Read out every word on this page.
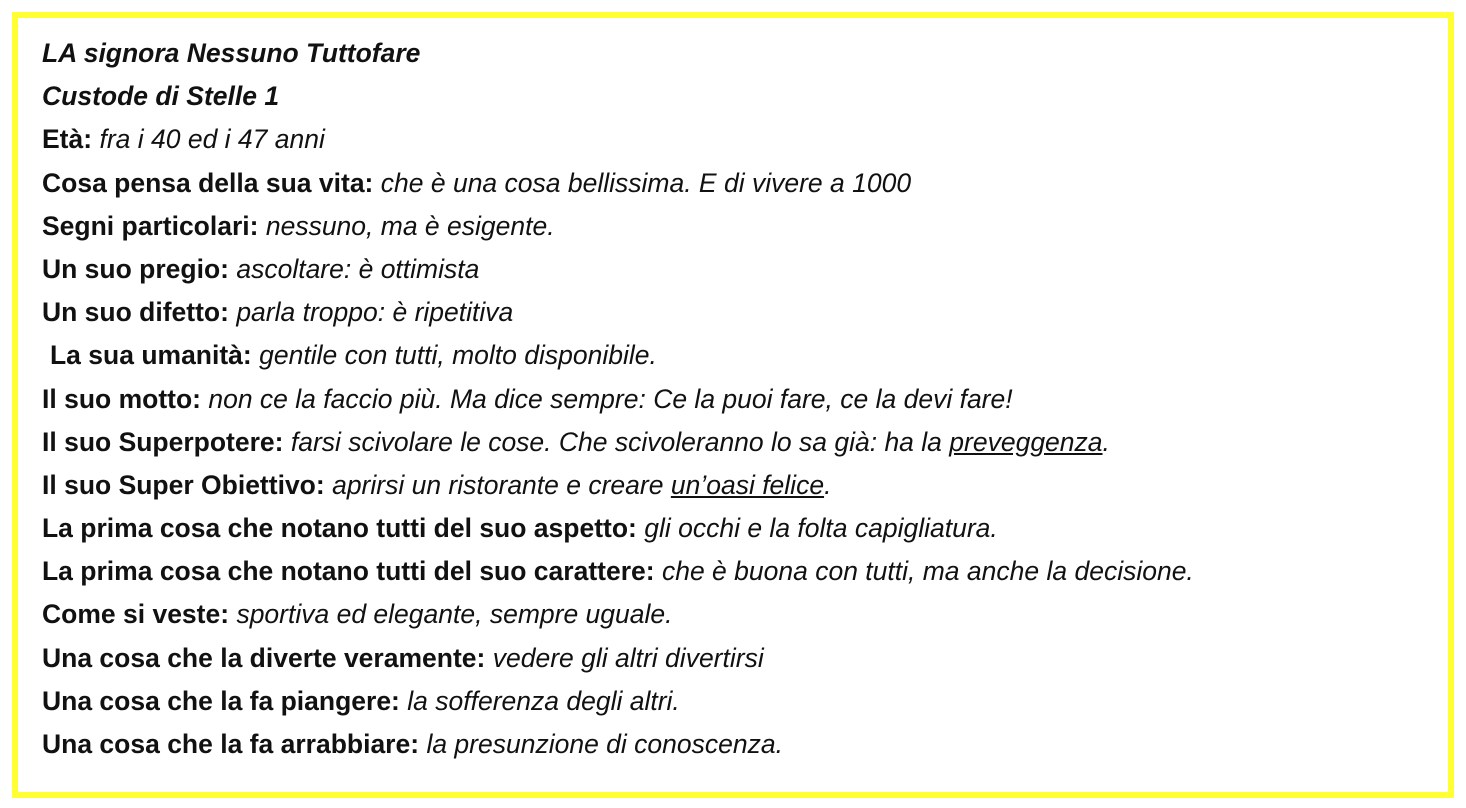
LA signora Nessuno Tuttofare
Custode di Stelle 1
Età: fra i 40 ed i 47 anni
Cosa pensa della sua vita: che è una cosa bellissima. E di vivere a 1000
Segni particolari: nessuno, ma è esigente.
Un suo pregio: ascoltare: è ottimista
Un suo difetto: parla troppo: è ripetitiva
La sua umanità: gentile con tutti, molto disponibile.
Il suo motto: non ce la faccio più. Ma dice sempre: Ce la puoi fare, ce la devi fare!
Il suo Superpotere: farsi scivolare le cose. Che scivoleranno lo sa già: ha la preveggenza.
Il suo Super Obiettivo: aprirsi un ristorante e creare un’oasi felice.
La prima cosa che notano tutti del suo aspetto: gli occhi e la folta capigliatura.
La prima cosa che notano tutti del suo carattere: che è buona con tutti, ma anche la decisione.
Come si veste: sportiva ed elegante, sempre uguale.
Una cosa che la diverte veramente: vedere gli altri divertirsi
Una cosa che la fa piangere: la sofferenza degli altri.
Una cosa che la fa arrabbiare: la presunzione di conoscenza.
